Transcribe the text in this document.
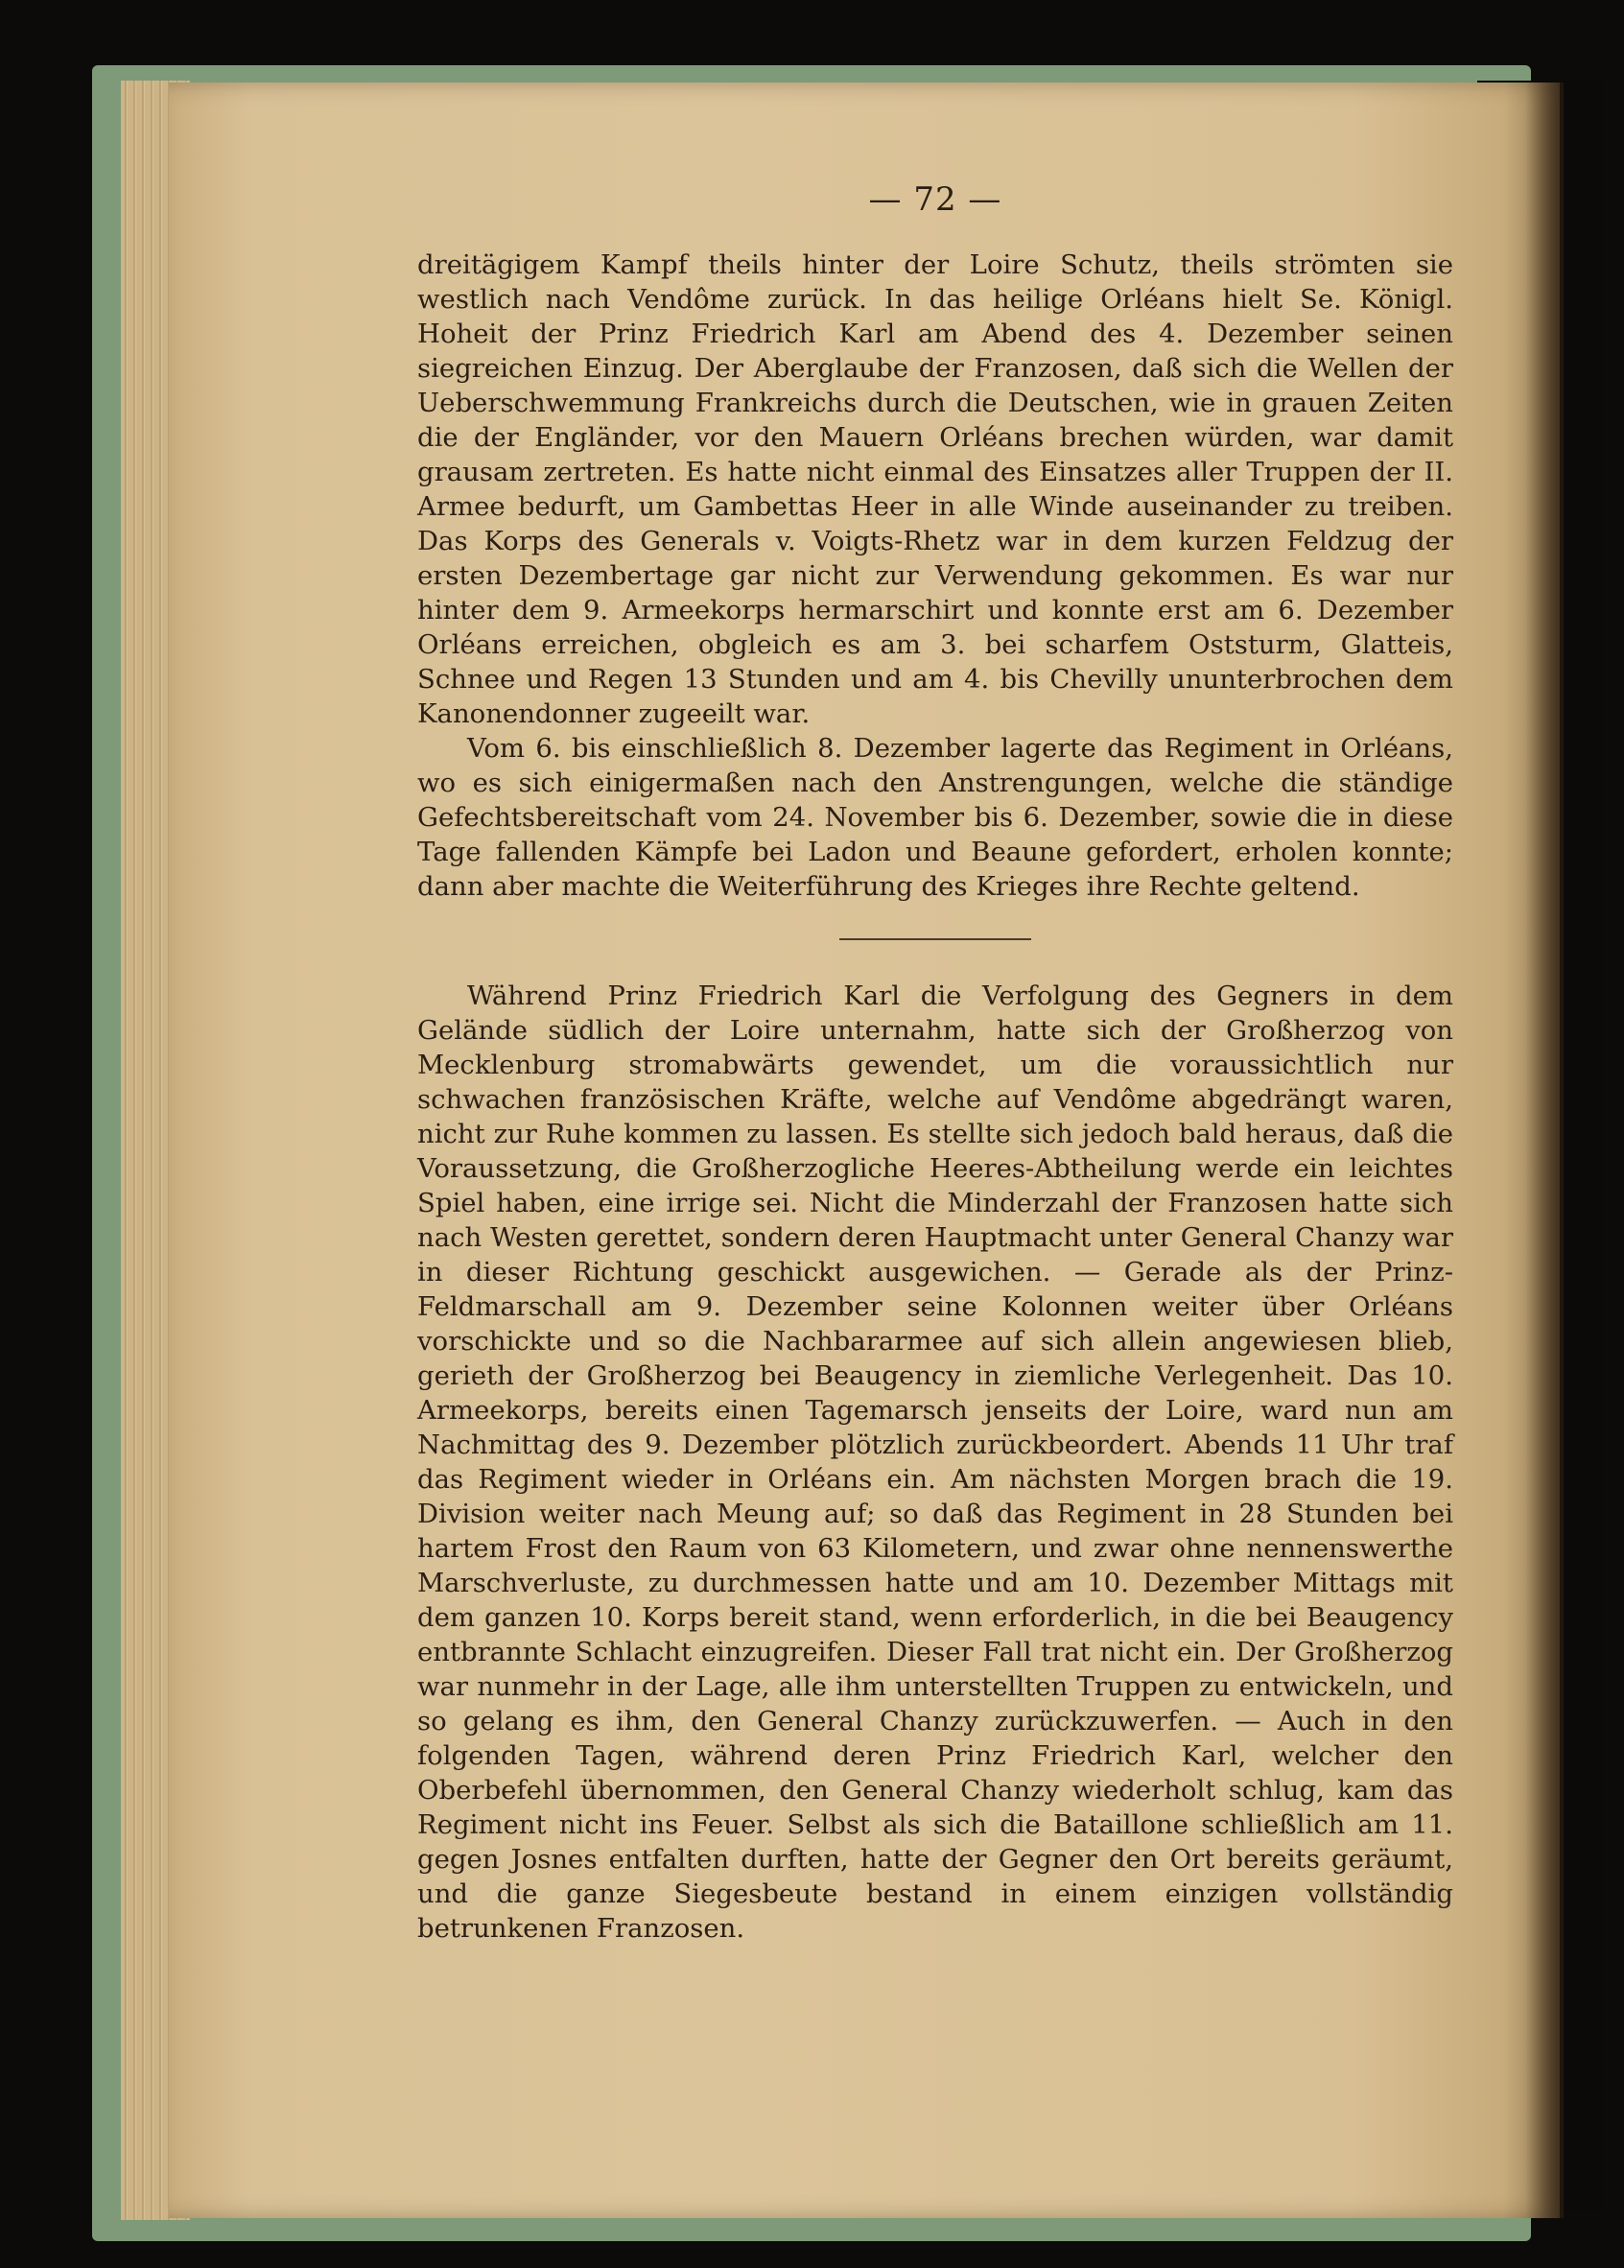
— 72 —

dreitägigem Kampf theils hinter der Loire Schutz, theils strömten sie westlich nach Vendôme zurück. In das heilige Orléans hielt Se. Königl. Hoheit der Prinz Friedrich Karl am Abend des 4. Dezember seinen siegreichen Einzug. Der Aberglaube der Franzosen, daß sich die Wellen der Ueberschwemmung Frankreichs durch die Deutschen, wie in grauen Zeiten die der Engländer, vor den Mauern Orléans brechen würden, war damit grausam zertreten. Es hatte nicht einmal des Einsatzes aller Truppen der II. Armee bedurft, um Gambettas Heer in alle Winde auseinander zu treiben. Das Korps des Generals v. Voigts-Rhetz war in dem kurzen Feldzug der ersten Dezembertage gar nicht zur Verwendung gekommen. Es war nur hinter dem 9. Armeekorps hermarschirt und konnte erst am 6. Dezember Orléans erreichen, obgleich es am 3. bei scharfem Oststurm, Glatteis, Schnee und Regen 13 Stunden und am 4. bis Chevilly ununterbrochen dem Kanonendonner zugeeilt war.

Vom 6. bis einschließlich 8. Dezember lagerte das Regiment in Orléans, wo es sich einigermaßen nach den Anstrengungen, welche die ständige Gefechtsbereitschaft vom 24. November bis 6. Dezember, sowie die in diese Tage fallenden Kämpfe bei Ladon und Beaune gefordert, erholen konnte; dann aber machte die Weiterführung des Krieges ihre Rechte geltend.

Während Prinz Friedrich Karl die Verfolgung des Gegners in dem Gelände südlich der Loire unternahm, hatte sich der Großherzog von Mecklenburg stromabwärts gewendet, um die voraussichtlich nur schwachen französischen Kräfte, welche auf Vendôme abgedrängt waren, nicht zur Ruhe kommen zu lassen. Es stellte sich jedoch bald heraus, daß die Voraussetzung, die Großherzogliche Heeres-Abtheilung werde ein leichtes Spiel haben, eine irrige sei. Nicht die Minderzahl der Franzosen hatte sich nach Westen gerettet, sondern deren Hauptmacht unter General Chanzy war in dieser Richtung geschickt ausgewichen. — Gerade als der Prinz-Feldmarschall am 9. Dezember seine Kolonnen weiter über Orléans vorschickte und so die Nachbararmee auf sich allein angewiesen blieb, gerieth der Großherzog bei Beaugency in ziemliche Verlegenheit. Das 10. Armeekorps, bereits einen Tagemarsch jenseits der Loire, ward nun am Nachmittag des 9. Dezember plötzlich zurückbeordert. Abends 11 Uhr traf das Regiment wieder in Orléans ein. Am nächsten Morgen brach die 19. Division weiter nach Meung auf; so daß das Regiment in 28 Stunden bei hartem Frost den Raum von 63 Kilometern, und zwar ohne nennenswerthe Marschverluste, zu durchmessen hatte und am 10. Dezember Mittags mit dem ganzen 10. Korps bereit stand, wenn erforderlich, in die bei Beaugency entbrannte Schlacht einzugreifen. Dieser Fall trat nicht ein. Der Großherzog war nunmehr in der Lage, alle ihm unterstellten Truppen zu entwickeln, und so gelang es ihm, den General Chanzy zurückzuwerfen. — Auch in den folgenden Tagen, während deren Prinz Friedrich Karl, welcher den Oberbefehl übernommen, den General Chanzy wiederholt schlug, kam das Regiment nicht ins Feuer. Selbst als sich die Bataillone schließlich am 11. gegen Josnes entfalten durften, hatte der Gegner den Ort bereits geräumt, und die ganze Siegesbeute bestand in einem einzigen vollständig betrunkenen Franzosen.
